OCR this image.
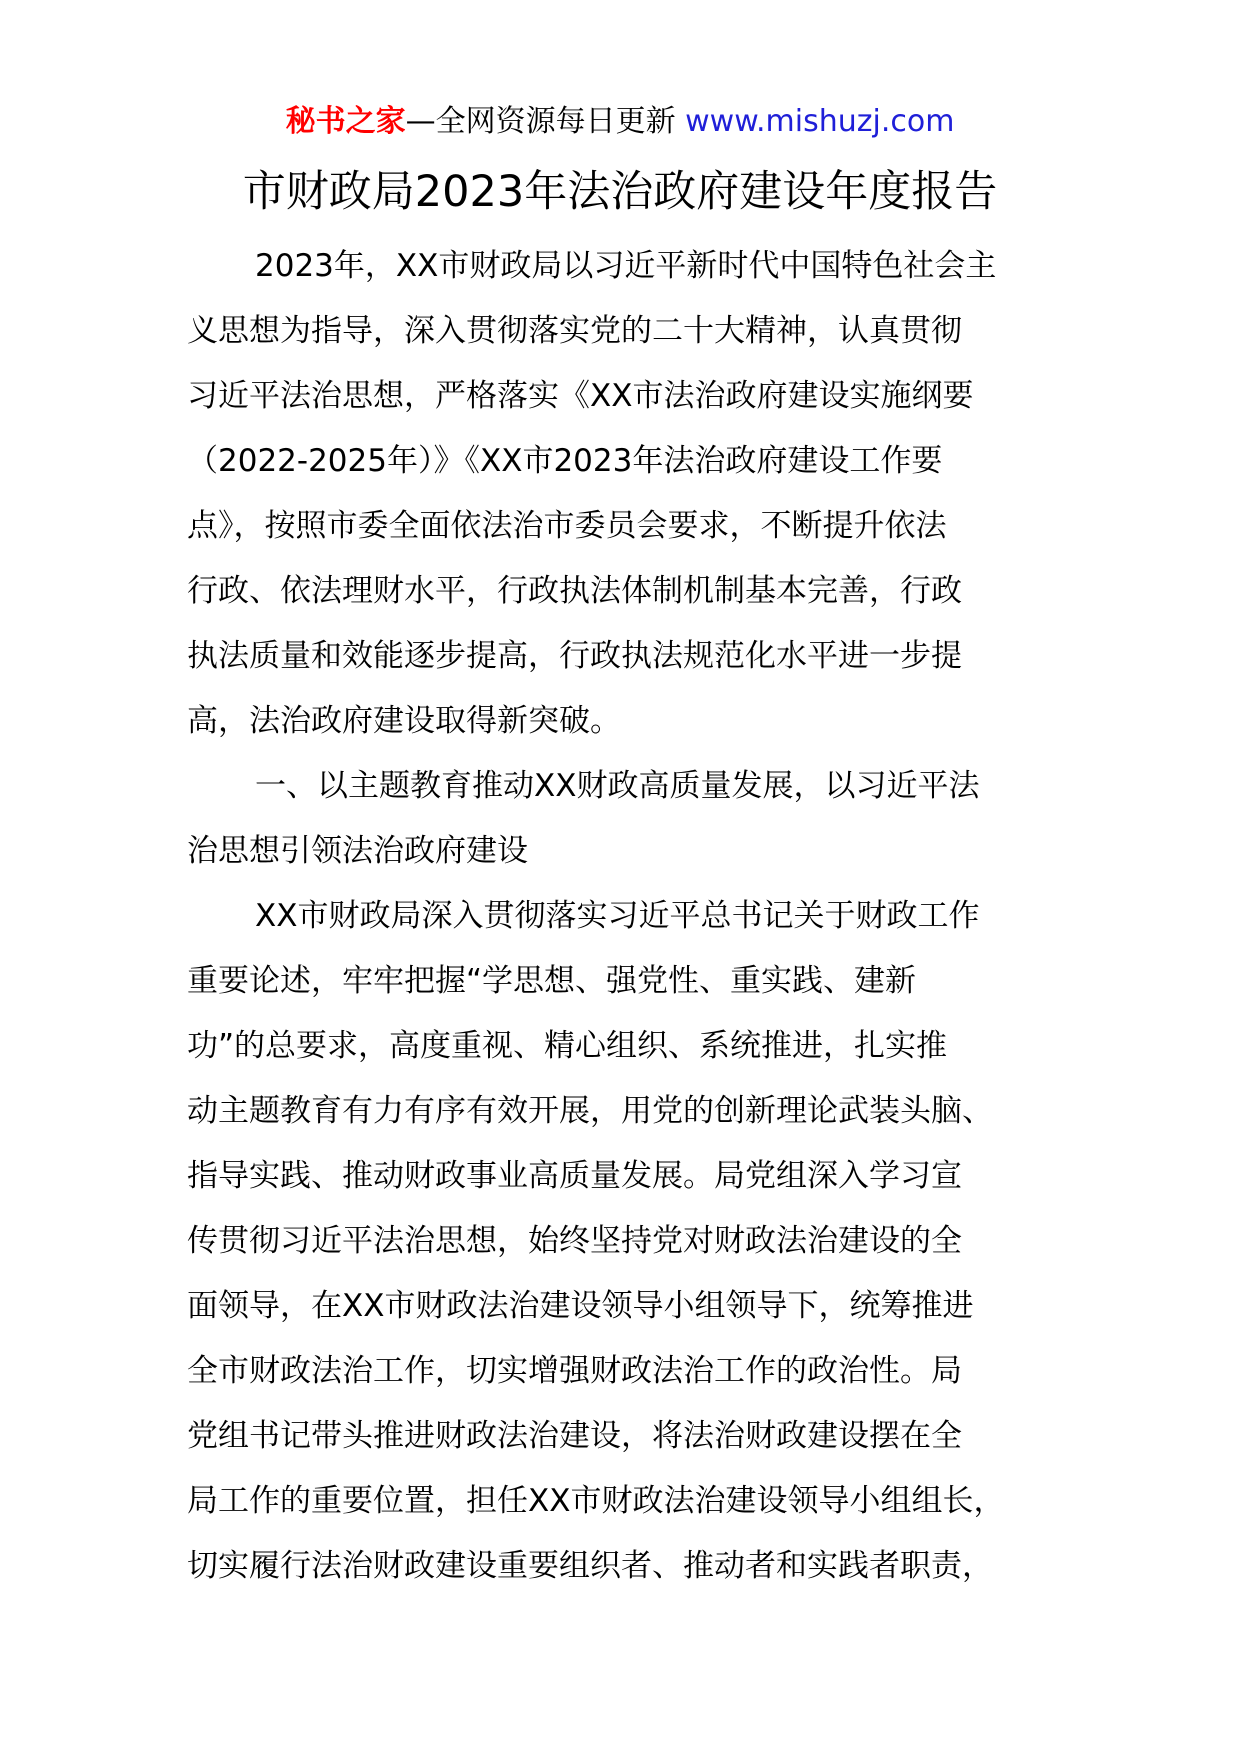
秘书之家—全网资源每日更新 www.mishuzj.com
市财政局2023年法治政府建设年度报告
2023年，XX市财政局以习近平新时代中国特色社会主
义思想为指导，深入贯彻落实党的二十大精神，认真贯彻
习近平法治思想，严格落实《XX市法治政府建设实施纲要
（2022-2025年）》《XX市2023年法治政府建设工作要
点》，按照市委全面依法治市委员会要求，不断提升依法
行政、依法理财水平，行政执法体制机制基本完善，行政
执法质量和效能逐步提高，行政执法规范化水平进一步提
高，法治政府建设取得新突破。
一、以主题教育推动XX财政高质量发展，以习近平法
治思想引领法治政府建设
XX市财政局深入贯彻落实习近平总书记关于财政工作
重要论述，牢牢把握“学思想、强党性、重实践、建新
功”的总要求，高度重视、精心组织、系统推进，扎实推
动主题教育有力有序有效开展，用党的创新理论武装头脑、
指导实践、推动财政事业高质量发展。局党组深入学习宣
传贯彻习近平法治思想，始终坚持党对财政法治建设的全
面领导，在XX市财政法治建设领导小组领导下，统筹推进
全市财政法治工作，切实增强财政法治工作的政治性。局
党组书记带头推进财政法治建设，将法治财政建设摆在全
局工作的重要位置，担任XX市财政法治建设领导小组组长，
切实履行法治财政建设重要组织者、推动者和实践者职责，
